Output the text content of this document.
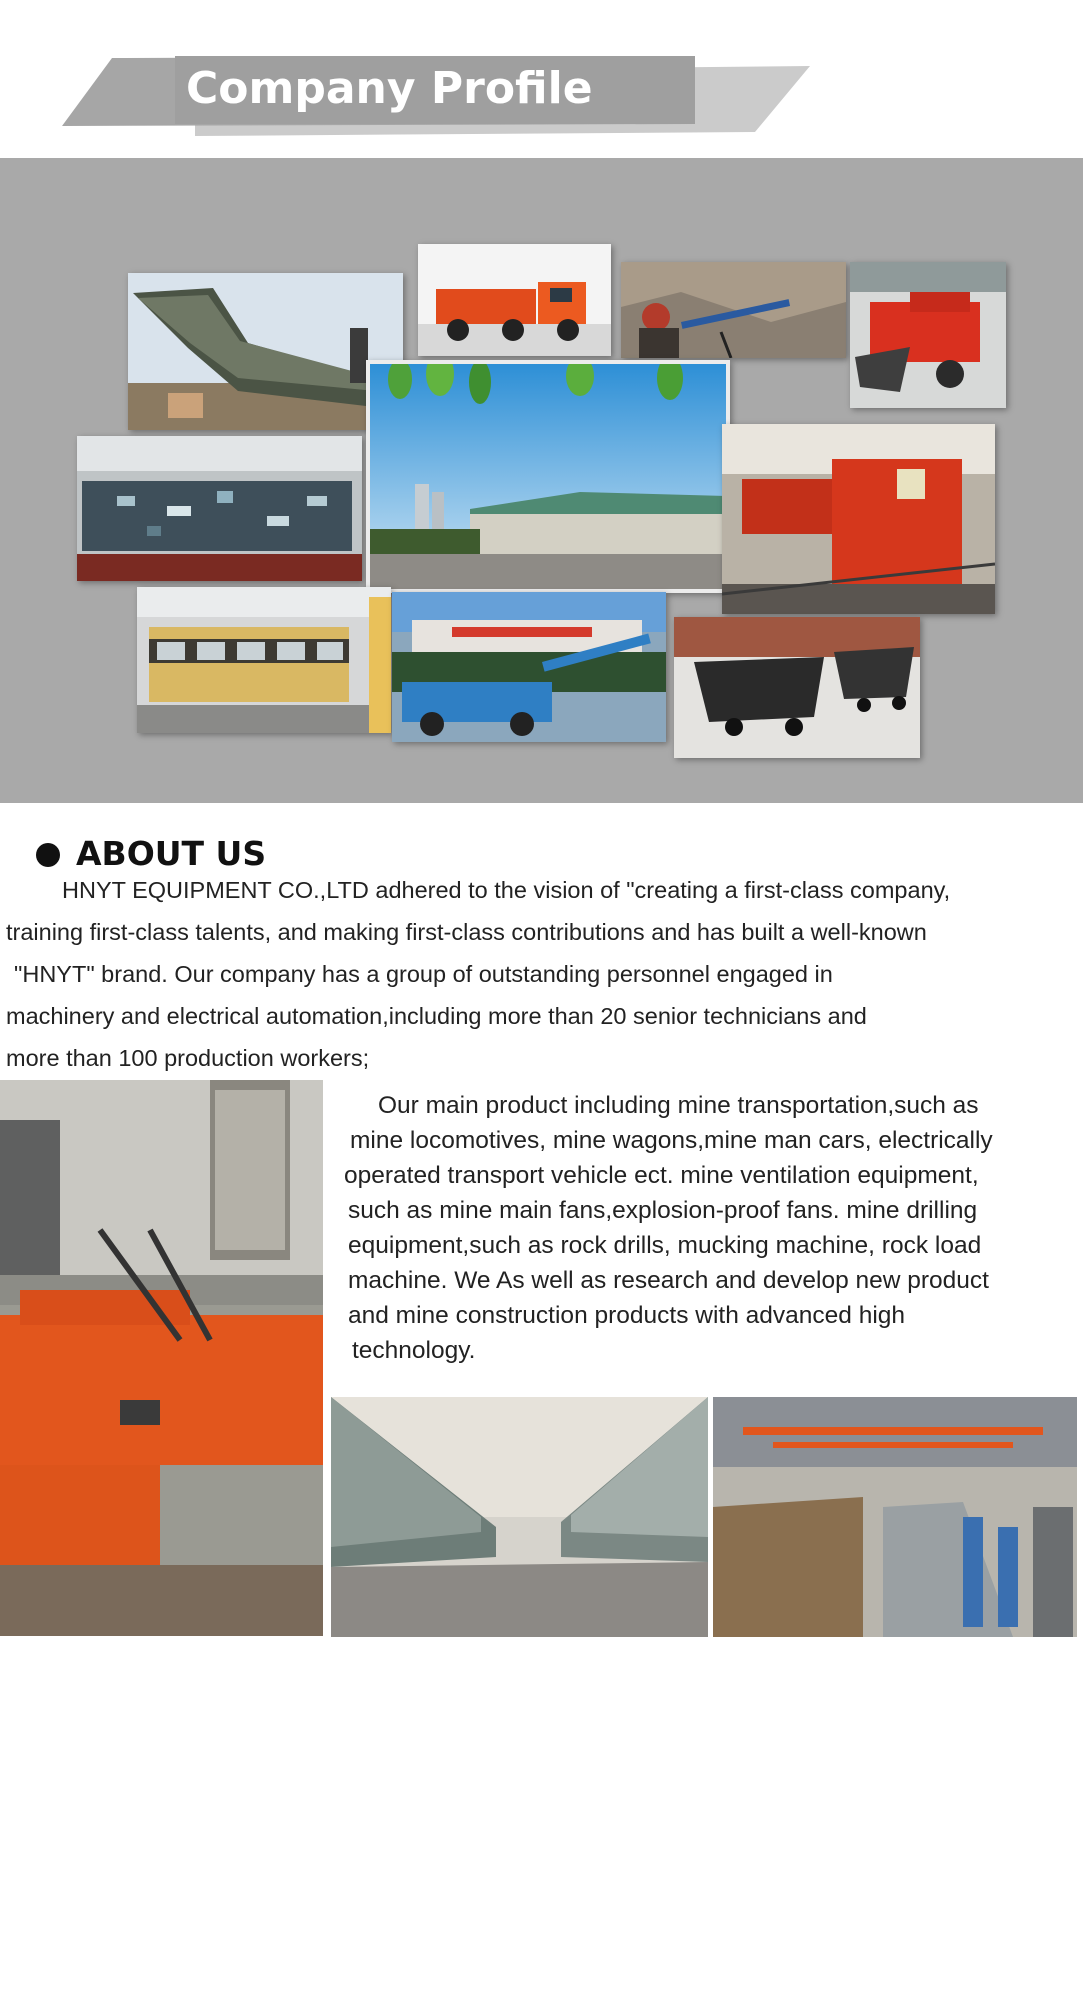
Company Profile
ABOUT US
HNYT EQUIPMENT CO.,LTD adhered to the vision of "creating a first-class company,
training first-class talents, and making first-class contributions and has built a well-known
"HNYT" brand. Our company has a group of outstanding personnel engaged in
machinery and electrical automation,including more than 20 senior technicians and
more than 100 production workers;
Our main product including mine transportation,such as
mine locomotives, mine wagons,mine man cars, electrically
operated transport vehicle ect. mine ventilation equipment,
such as mine main fans,explosion-proof fans. mine drilling
equipment,such as rock drills, mucking machine, rock load
machine. We As well as research and develop new product
and mine construction products with advanced high
technology.
